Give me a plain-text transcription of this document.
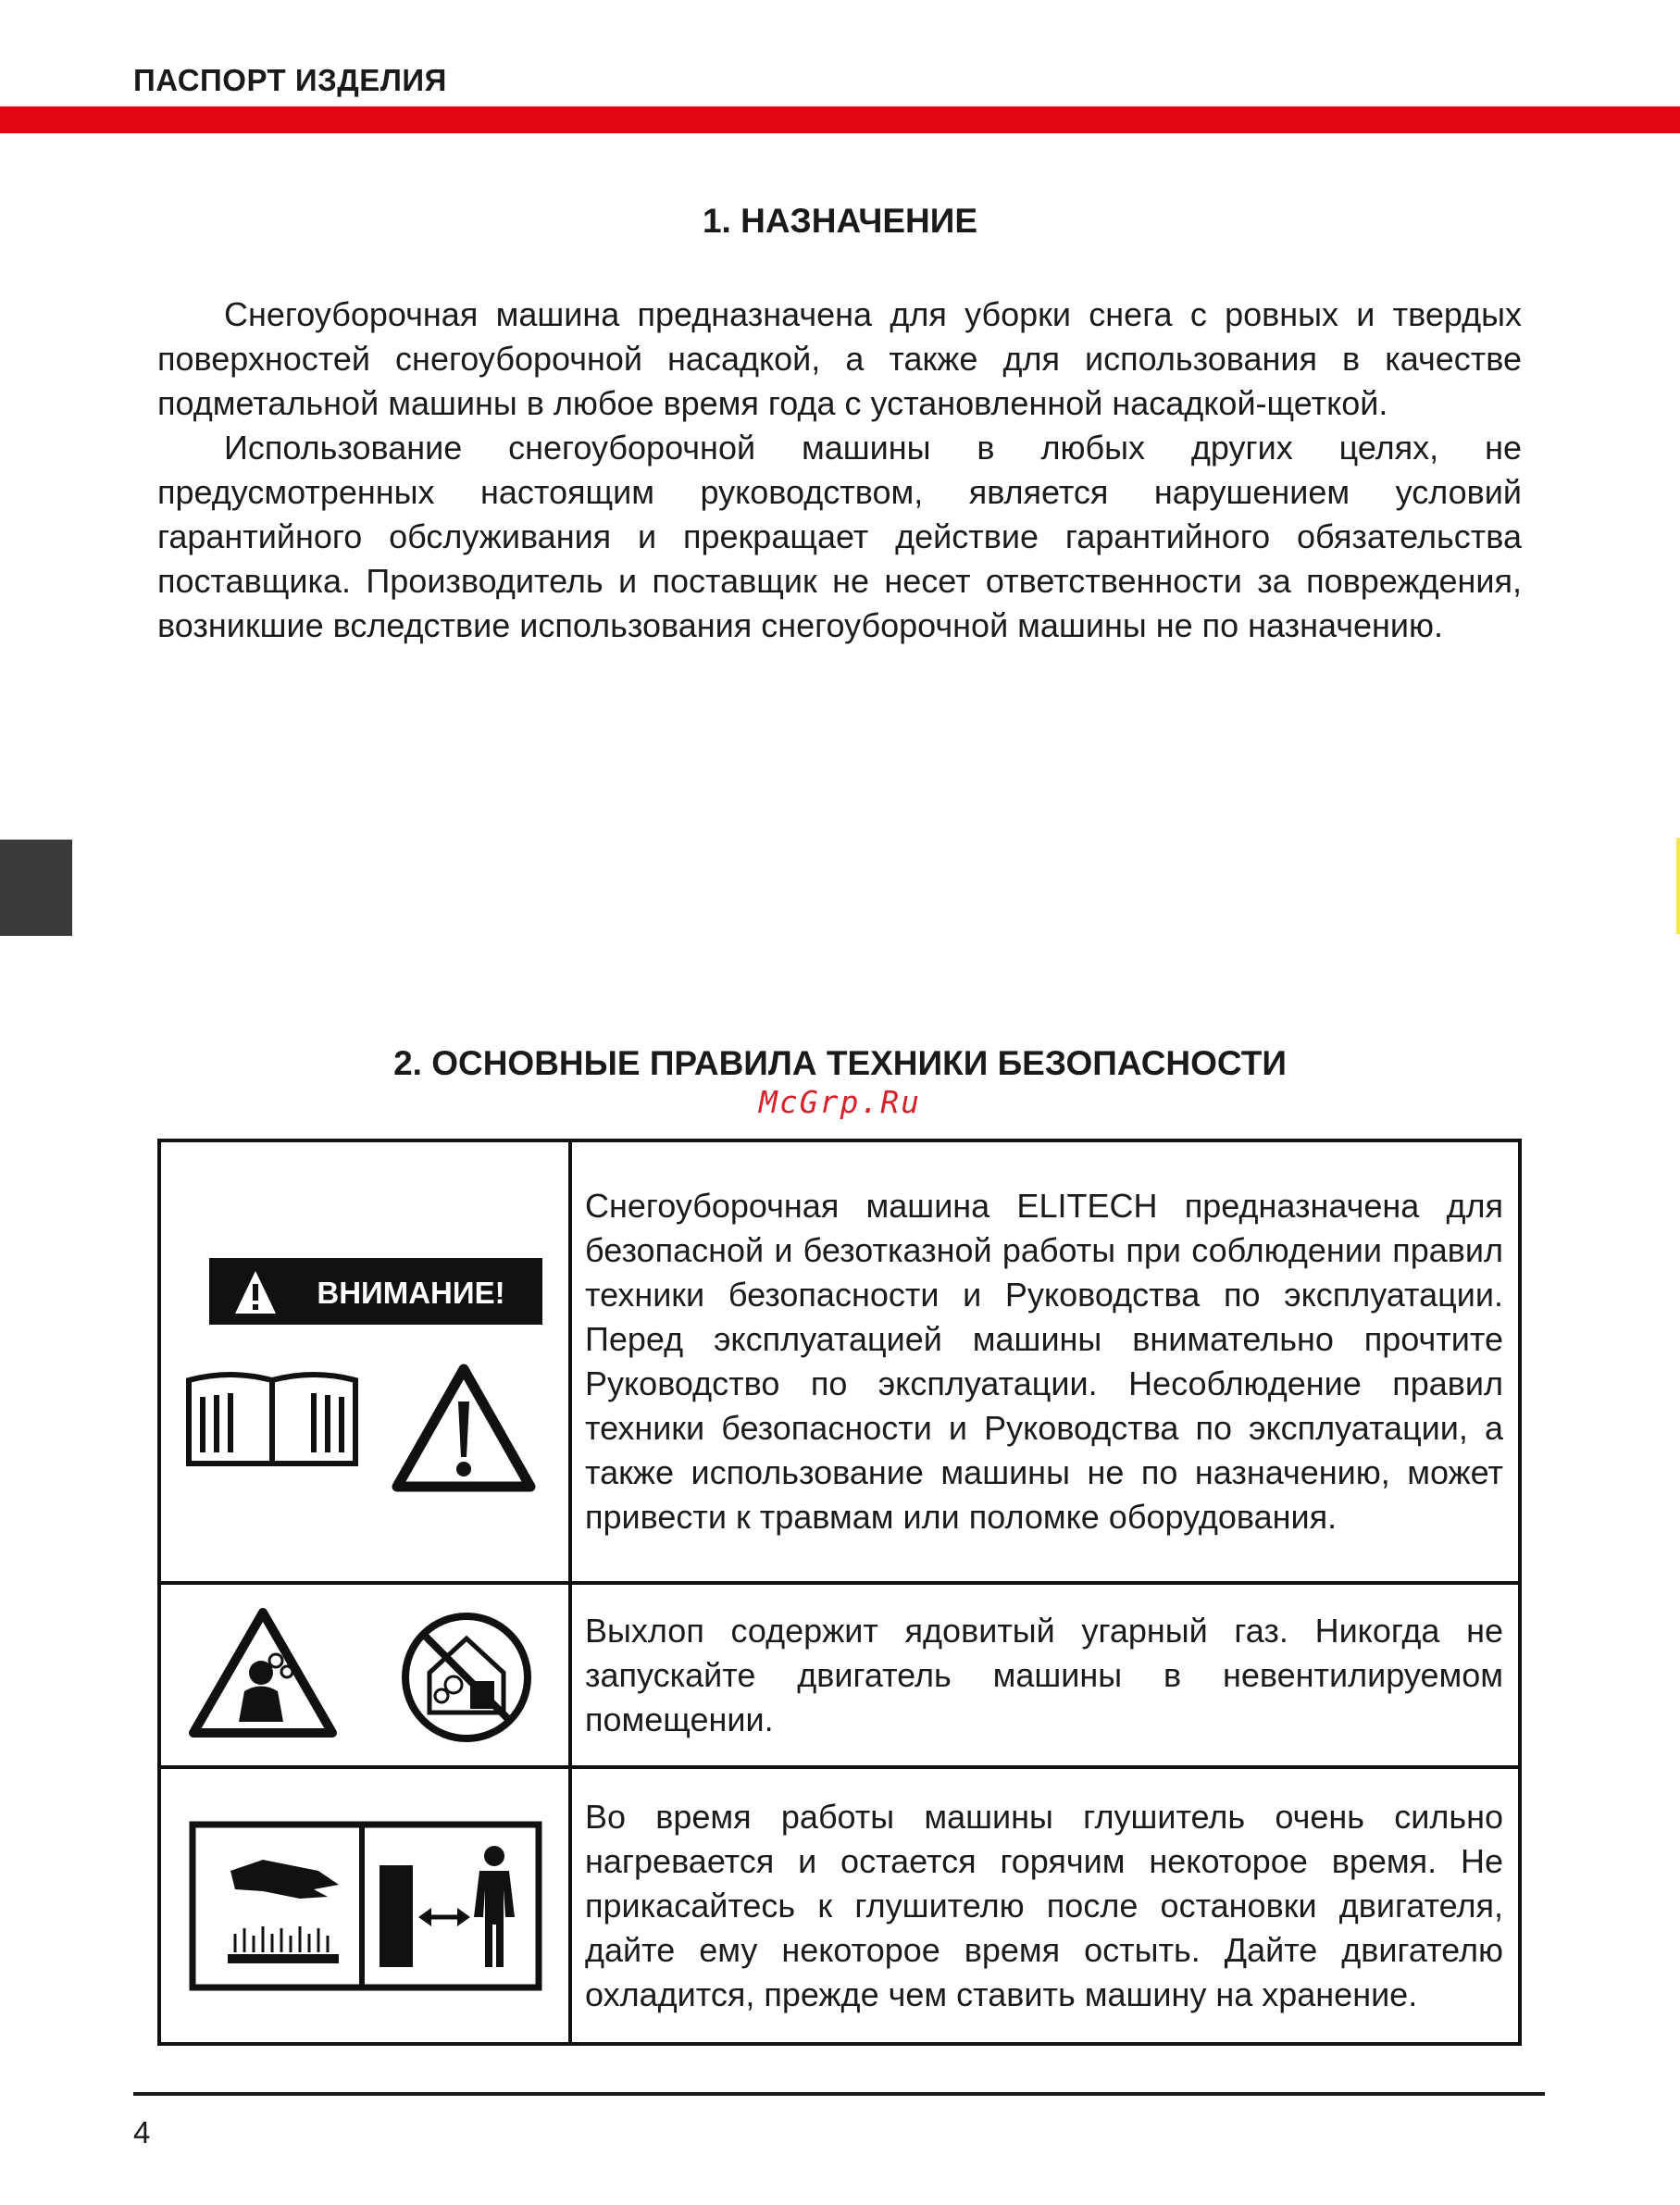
ПАСПОРТ ИЗДЕЛИЯ
1. НАЗНАЧЕНИЕ

Снегоуборочная машина предназначена для уборки снега с ровных и твердых поверхностей снегоуборочной насадкой, а также для использования в качестве подметальной машины в любое время года с установленной насадкой-щеткой.

Использование снегоуборочной машины в любых других целях, не предусмотренных настоящим руководством, является нарушением условий гарантийного обслуживания и прекращает действие гарантийного обязательства поставщика. Производитель и поставщик не несет ответственности за повреждения, возникшие вследствие использования снегоуборочной машины не по назначению.

2. ОСНОВНЫЕ ПРАВИЛА ТЕХНИКИ БЕЗОПАСНОСТИ
McGrp.Ru
ВНИМАНИЕ!	Снегоуборочная машина ELITECH предназначена для безопасной и безотказной работы при соблюдении правил техники безопасности и Руководства по эксплуатации. Перед эксплуатацией машины внимательно прочтите Руководство по эксплуатации. Несоблюдение правил техники безопасности и Руководства по эксплуатации, а также использование машины не по назначению, может привести к травмам или поломке оборудования.

	Выхлоп содержит ядовитый угарный газ. Никогда не запускайте двигатель машины в невентилируемом помещении.

	Во время работы машины глушитель очень сильно нагревается и остается горячим некоторое время. Не прикасайтесь к глушителю после остановки двигателя, дайте ему некоторое время остыть. Дайте двигателю охладится, прежде чем ставить машину на хранение.
4
